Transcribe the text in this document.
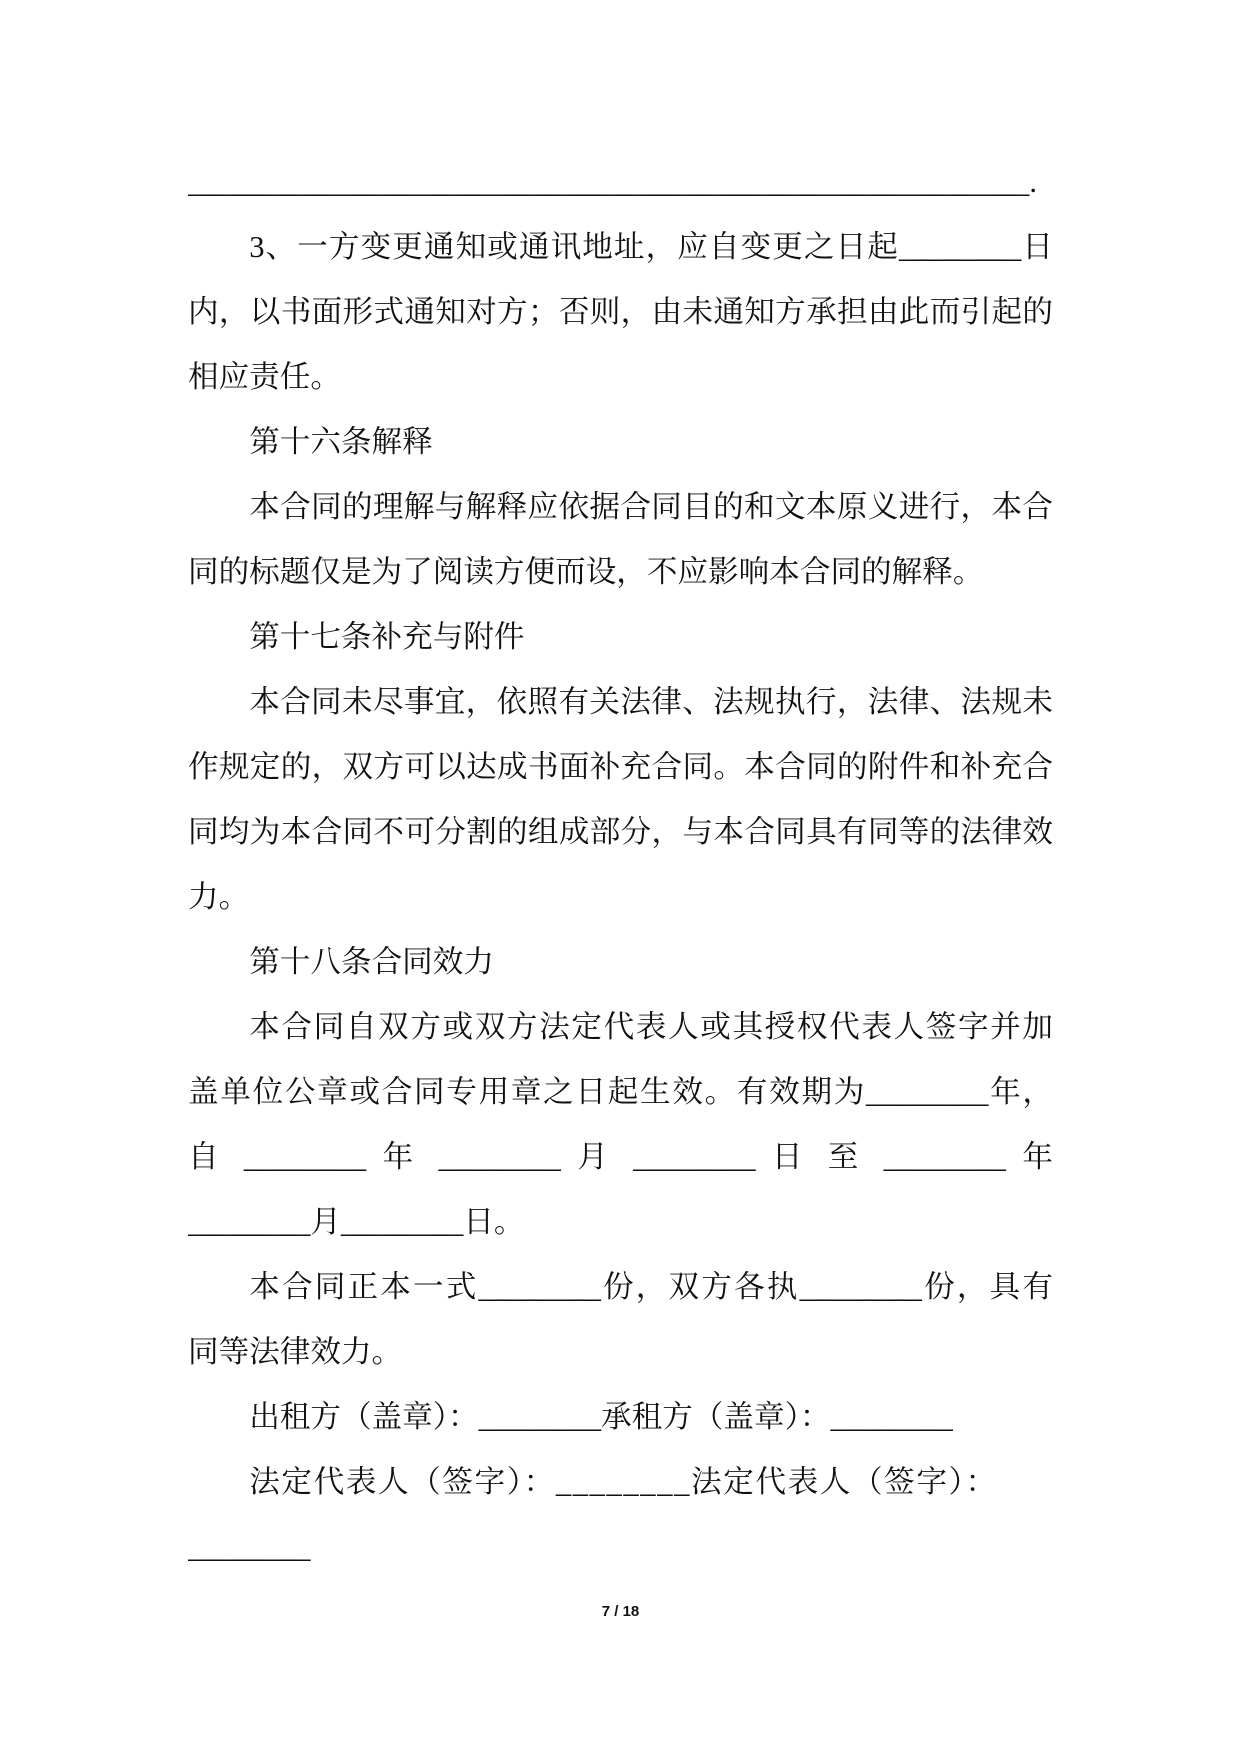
_______________________________________________________.
3、一方变更通知或通讯地址，应自变更之日起________日
内，以书面形式通知对方；否则，由未通知方承担由此而引起的
相应责任。
第十六条解释
本合同的理解与解释应依据合同目的和文本原义进行，本合
同的标题仅是为了阅读方便而设，不应影响本合同的解释。
第十七条补充与附件
本合同未尽事宜，依照有关法律、法规执行，法律、法规未
作规定的，双方可以达成书面补充合同。本合同的附件和补充合
同均为本合同不可分割的组成部分，与本合同具有同等的法律效
力。
第十八条合同效力
本合同自双方或双方法定代表人或其授权代表人签字并加
盖单位公章或合同专用章之日起生效。有效期为________年，
自 ________ 年 ________ 月 ________ 日 至 ________ 年
________月________日。
本合同正本一式________份，双方各执________份，具有
同等法律效力。
出租方（盖章）：________承租方（盖章）：________
法定代表人（签字）：________法定代表人（签字）：
________
7 / 18
